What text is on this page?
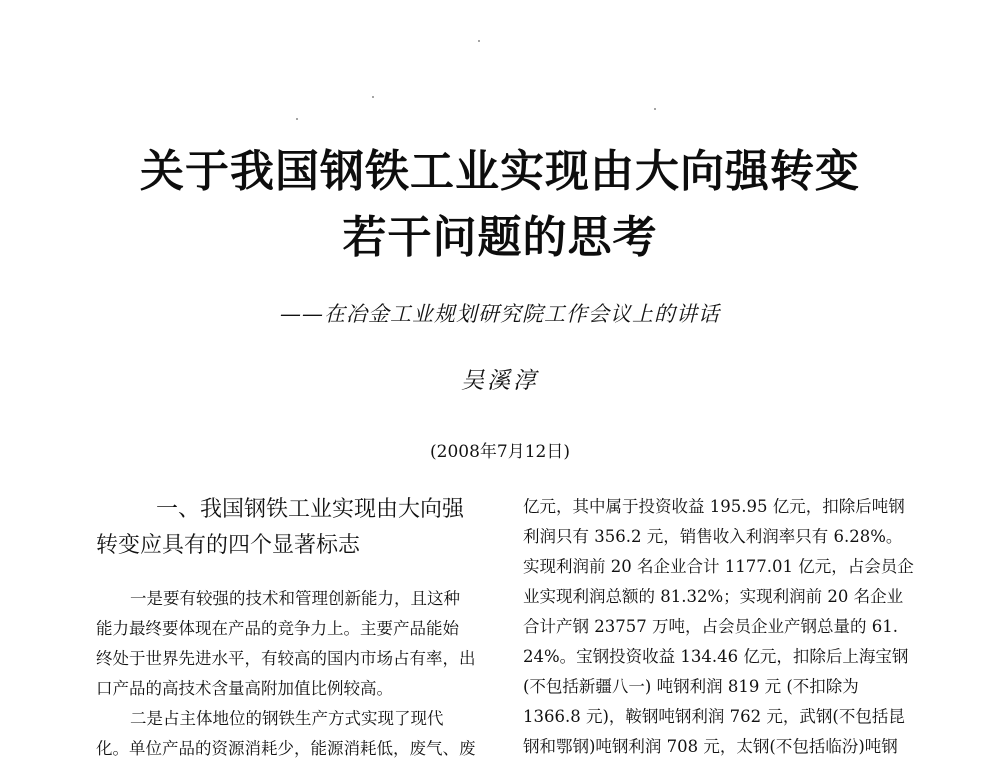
关于我国钢铁工业实现由大向强转变
若干问题的思考
——在冶金工业规划研究院工作会议上的讲话
吴溪淳
(2008年7月12日)
一、我国钢铁工业实现由大向强
转变应具有的四个显著标志
一是要有较强的技术和管理创新能力，且这种
能力最终要体现在产品的竞争力上。主要产品能始
终处于世界先进水平，有较高的国内市场占有率，出
口产品的高技术含量高附加值比例较高。
二是占主体地位的钢铁生产方式实现了现代
化。单位产品的资源消耗少，能源消耗低，废气、废
亿元，其中属于投资收益 195.95 亿元，扣除后吨钢
利润只有 356.2 元，销售收入利润率只有 6.28%。
实现利润前 20 名企业合计 1177.01 亿元，占会员企
业实现利润总额的 81.32%；实现利润前 20 名企业
合计产钢 23757 万吨，占会员企业产钢总量的 61.
24%。宝钢投资收益 134.46 亿元，扣除后上海宝钢
(不包括新疆八一) 吨钢利润 819 元 (不扣除为
1366.8 元)，鞍钢吨钢利润 762 元，武钢(不包括昆
钢和鄂钢)吨钢利润 708 元，太钢(不包括临汾)吨钢
